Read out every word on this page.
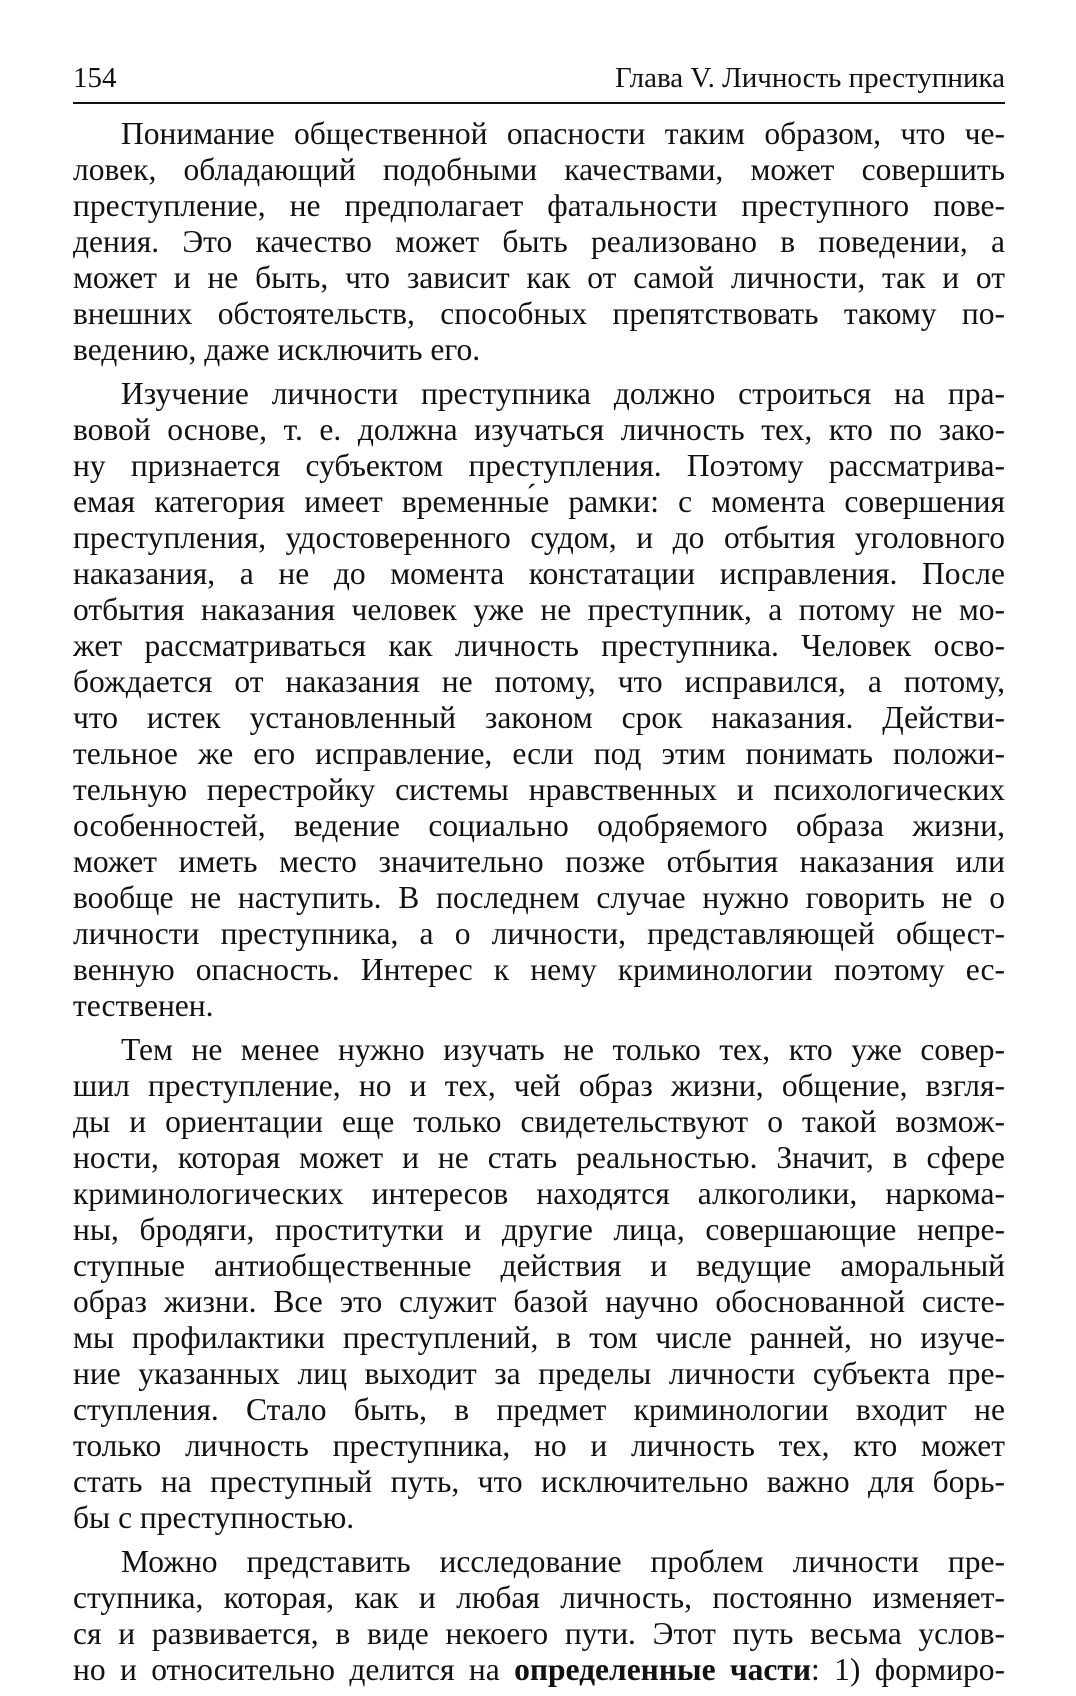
154	Глава V. Личность преступника
Понимание общественной опасности таким образом, что че-
ловек, обладающий подобными качествами, может совершить
преступление, не предполагает фатальности преступного пове-
дения. Это качество может быть реализовано в поведении, а
может и не быть, что зависит как от самой личности, так и от
внешних обстоятельств, способных препятствовать такому по-
ведению, даже исключить его.
Изучение личности преступника должно строиться на пра-
вовой основе, т. е. должна изучаться личность тех, кто по зако-
ну признается субъектом преступления. Поэтому рассматрива-
емая категория имеет временны́е рамки: с момента совершения
преступления, удостоверенного судом, и до отбытия уголовного
наказания, а не до момента констатации исправления. После
отбытия наказания человек уже не преступник, а потому не мо-
жет рассматриваться как личность преступника. Человек осво-
бождается от наказания не потому, что исправился, а потому,
что истек установленный законом срок наказания. Действи-
тельное же его исправление, если под этим понимать положи-
тельную перестройку системы нравственных и психологических
особенностей, ведение социально одобряемого образа жизни,
может иметь место значительно позже отбытия наказания или
вообще не наступить. В последнем случае нужно говорить не о
личности преступника, а о личности, представляющей общест-
венную опасность. Интерес к нему криминологии поэтому ес-
тественен.
Тем не менее нужно изучать не только тех, кто уже совер-
шил преступление, но и тех, чей образ жизни, общение, взгля-
ды и ориентации еще только свидетельствуют о такой возмож-
ности, которая может и не стать реальностью. Значит, в сфере
криминологических интересов находятся алкоголики, наркома-
ны, бродяги, проститутки и другие лица, совершающие непре-
ступные антиобщественные действия и ведущие аморальный
образ жизни. Все это служит базой научно обоснованной систе-
мы профилактики преступлений, в том числе ранней, но изуче-
ние указанных лиц выходит за пределы личности субъекта пре-
ступления. Стало быть, в предмет криминологии входит не
только личность преступника, но и личность тех, кто может
стать на преступный путь, что исключительно важно для борь-
бы с преступностью.
Можно представить исследование проблем личности пре-
ступника, которая, как и любая личность, постоянно изменяет-
ся и развивается, в виде некоего пути. Этот путь весьма услов-
но и относительно делится на определенные части: 1) формиро-
